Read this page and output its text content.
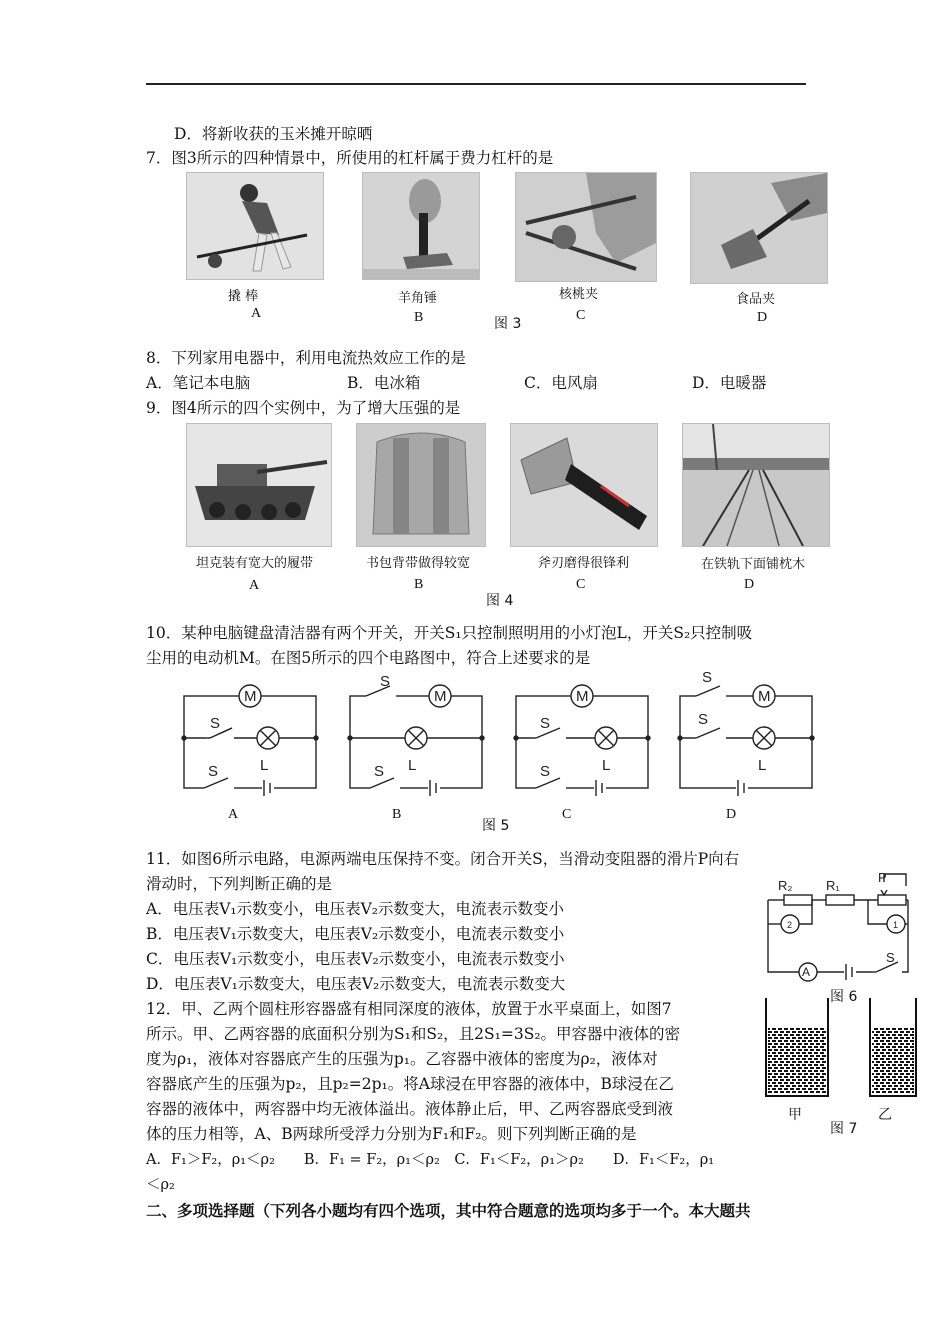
D．将新收获的玉米摊开晾晒
7．图3所示的四种情景中，所使用的杠杆属于费力杠杆的是
撬 棒	羊角锤	核桃夹	食品夹
A	B	C	D
图 3
8．下列家用电器中，利用电流热效应工作的是
A．笔记本电脑	B．电冰箱	C．电风扇	D．电暖器
9．图4所示的四个实例中，为了增大压强的是
坦克装有宽大的履带	书包背带做得较宽	斧刃磨得很锋利	在铁轨下面铺枕木
A	B	C	D
图 4
10．某种电脑键盘清洁器有两个开关，开关S₁只控制照明用的小灯泡L，开关S₂只控制吸
尘用的电动机M。在图5所示的四个电路图中，符合上述要求的是
M
S
S	L
S
M
S L
M
S
S	L
S
M
S
L
A	B	C	D
图 5
11．如图6所示电路，电源两端电压保持不变。闭合开关S，当滑动变阻器的滑片P向右
滑动时，下列判断正确的是
A．电压表V₁示数变小，电压表V₂示数变大，电流表示数变小
B．电压表V₁示数变大，电压表V₂示数变小，电流表示数变小
C．电压表V₁示数变小，电压表V₂示数变小，电流表示数变小
D．电压表V₁示数变大，电压表V₂示数变大，电流表示数变大
R₂	R₁
P
A
2	1
S
图 6
12．甲、乙两个圆柱形容器盛有相同深度的液体，放置于水平桌面上，如图7
所示。甲、乙两容器的底面积分别为S₁和S₂，且2S₁=3S₂。甲容器中液体的密
度为ρ₁，液体对容器底产生的压强为p₁。乙容器中液体的密度为ρ₂，液体对
容器底产生的压强为p₂，且p₂=2p₁。将A球浸在甲容器的液体中，B球浸在乙
容器的液体中，两容器中均无液体溢出。液体静止后，甲、乙两容器底受到液
体的压力相等，A、B两球所受浮力分别为F₁和F₂。则下列判断正确的是
A．F₁＞F₂，ρ₁＜ρ₂　　B．F₁ = F₂，ρ₁＜ρ₂　C．F₁＜F₂，ρ₁＞ρ₂　　D．F₁＜F₂，ρ₁
＜ρ₂
甲	乙
图 7
二、多项选择题（下列各小题均有四个选项，其中符合题意的选项均多于一个。本大题共
